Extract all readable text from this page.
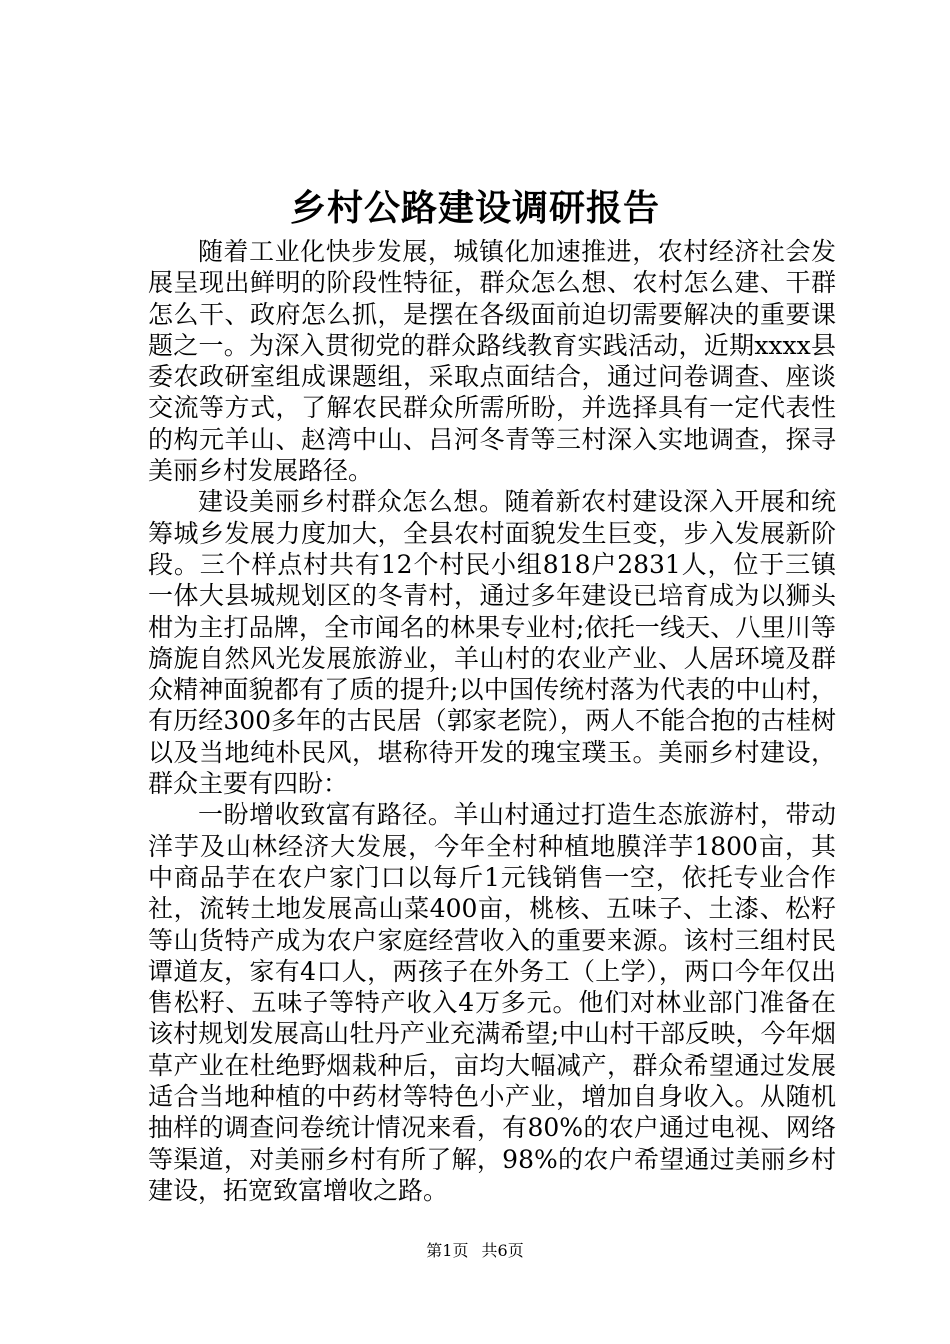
乡村公路建设调研报告

随着工业化快步发展，城镇化加速推进，农村经济社会发展呈现出鲜明的阶段性特征，群众怎么想、农村怎么建、干群怎么干、政府怎么抓，是摆在各级面前迫切需要解决的重要课题之一。为深入贯彻党的群众路线教育实践活动，近期xxxx县委农政研室组成课题组，采取点面结合，通过问卷调查、座谈交流等方式，了解农民群众所需所盼，并选择具有一定代表性的构元羊山、赵湾中山、吕河冬青等三村深入实地调查，探寻美丽乡村发展路径。

建设美丽乡村群众怎么想。随着新农村建设深入开展和统筹城乡发展力度加大，全县农村面貌发生巨变，步入发展新阶段。三个样点村共有12个村民小组818户2831人，位于三镇一体大县城规划区的冬青村，通过多年建设已培育成为以狮头柑为主打品牌，全市闻名的林果专业村;依托一线天、八里川等旖旎自然风光发展旅游业，羊山村的农业产业、人居环境及群众精神面貌都有了质的提升;以中国传统村落为代表的中山村，有历经300多年的古民居（郭家老院），两人不能合抱的古桂树以及当地纯朴民风，堪称待开发的瑰宝璞玉。美丽乡村建设，群众主要有四盼：

一盼增收致富有路径。羊山村通过打造生态旅游村，带动洋芋及山林经济大发展，今年全村种植地膜洋芋1800亩，其中商品芋在农户家门口以每斤1元钱销售一空，依托专业合作社，流转土地发展高山菜400亩，桃核、五味子、土漆、松籽等山货特产成为农户家庭经营收入的重要来源。该村三组村民谭道友，家有4口人，两孩子在外务工（上学），两口今年仅出售松籽、五味子等特产收入4万多元。他们对林业部门准备在该村规划发展高山牡丹产业充满希望;中山村干部反映，今年烟草产业在杜绝野烟栽种后，亩均大幅减产，群众希望通过发展适合当地种植的中药材等特色小产业，增加自身收入。从随机抽样的调查问卷统计情况来看，有80%的农户通过电视、网络等渠道，对美丽乡村有所了解，98%的农户希望通过美丽乡村建设，拓宽致富增收之路。

第1页 共6页
